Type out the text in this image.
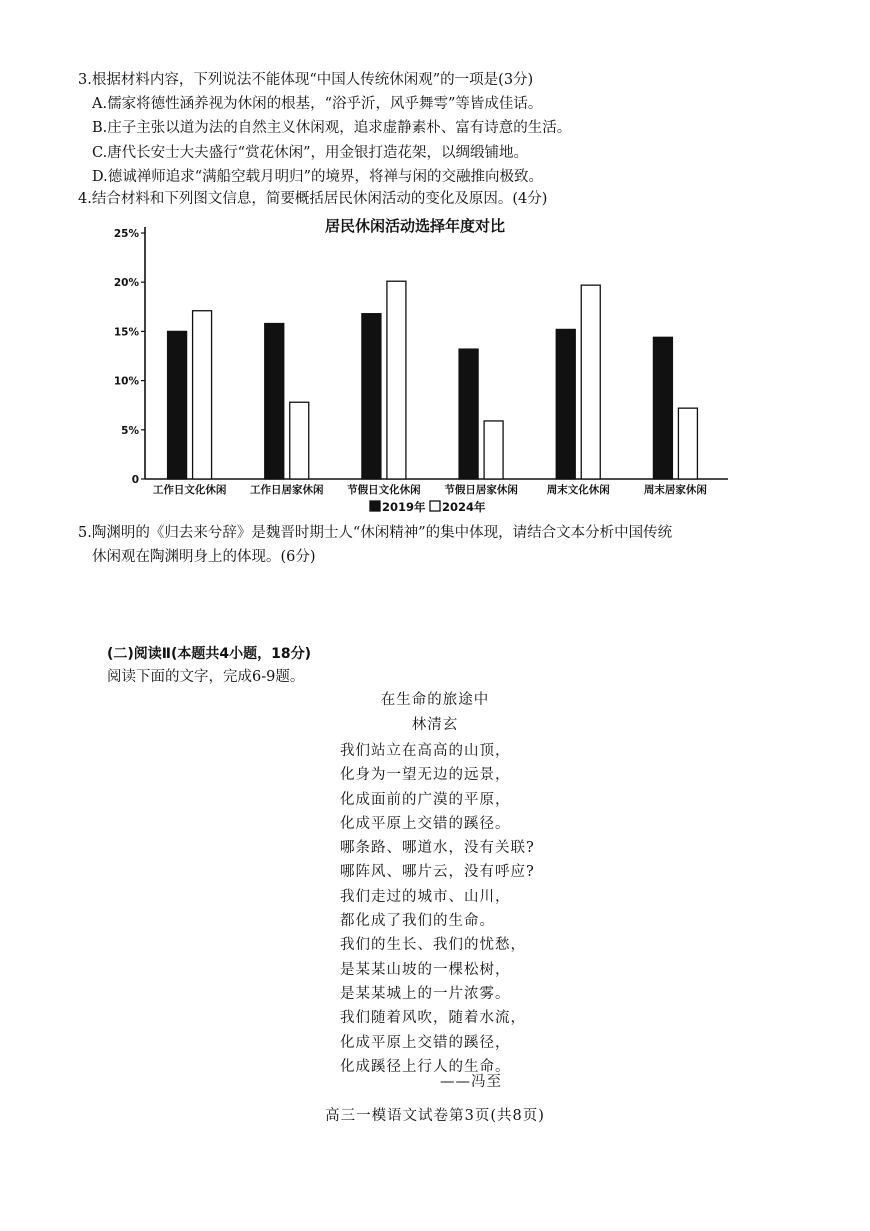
3.根据材料内容，下列说法不能体现“中国人传统休闲观”的一项是(3分)
A.儒家将德性涵养视为休闲的根基，“浴乎沂，风乎舞雩”等皆成佳话。
B.庄子主张以道为法的自然主义休闲观，追求虚静素朴、富有诗意的生活。
C.唐代长安士大夫盛行“赏花休闲”，用金银打造花架，以绸缎铺地。
D.德诚禅师追求“满船空载月明归”的境界，将禅与闲的交融推向极致。
4.结合材料和下列图文信息，简要概括居民休闲活动的变化及原因。(4分)
居民休闲活动选择年度对比
0
5%
10%
15%
20%
25%
工作日文化休闲 工作日居家休闲 节假日文化休闲 节假日居家休闲	周末文化休闲	周末居家休闲
2019年 2024年
5.陶渊明的《归去来兮辞》是魏晋时期士人“休闲精神”的集中体现，请结合文本分析中国传统
休闲观在陶渊明身上的体现。(6分)
(二)阅读Ⅱ(本题共4小题，18分)
阅读下面的文字，完成6-9题。
在生命的旅途中
林清玄
我们站立在高高的山顶，
化身为一望无边的远景，
化成面前的广漠的平原，
化成平原上交错的蹊径。
哪条路、哪道水，没有关联?
哪阵风、哪片云，没有呼应?
我们走过的城市、山川，
都化成了我们的生命。
我们的生长、我们的忧愁，
是某某山坡的一棵松树，
是某某城上的一片浓雾。
我们随着风吹，随着水流，
化成平原上交错的蹊径，
化成蹊径上行人的生命。
——冯至
高三一模语文试卷第3页(共8页)
